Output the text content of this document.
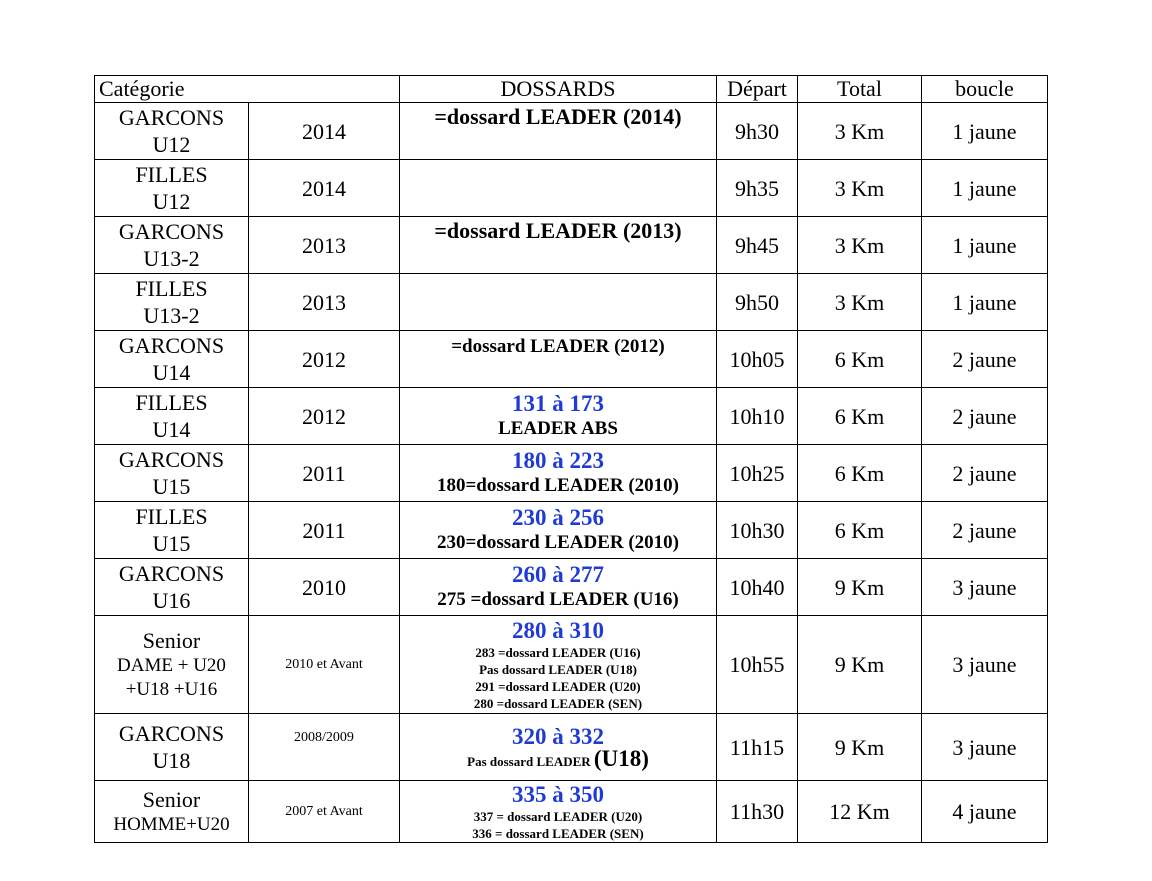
Catégorie		DOSSARDS	Départ	Total	boucle

GARCONS
U12	2014	=dossard LEADER (2014)	9h30	3 Km	1 jaune

FILLES
U12	2014		9h35	3 Km	1 jaune

GARCONS
U13-2	2013	=dossard LEADER (2013)	9h45	3 Km	1 jaune

FILLES
U13-2	2013		9h50	3 Km	1 jaune

GARCONS
U14	2012	=dossard LEADER (2012)	10h05	6 Km	2 jaune

FILLES
U14	2012	131 à 173
LEADER ABS	10h10	6 Km	2 jaune

GARCONS
U15	2011	180 à 223
180=dossard LEADER (2010)	10h25	6 Km	2 jaune

FILLES
U15	2011	230 à 256
230=dossard LEADER (2010)	10h30	6 Km	2 jaune

GARCONS
U16	2010	260 à 277
275 =dossard LEADER (U16)	10h40	9 Km	3 jaune

Senior
DAME + U20
+U18 +U16	2010 et Avant	280 à 310
283 =dossard LEADER (U16)
Pas dossard LEADER (U18)
291 =dossard LEADER (U20)
280 =dossard LEADER (SEN)	10h55	9 Km	3 jaune

GARCONS
U18	2008/2009	320 à 332
Pas dossard LEADER (U18)	11h15	9 Km	3 jaune

Senior
HOMME+U20	2007 et Avant	335 à 350
337 = dossard LEADER (U20)
336 = dossard LEADER (SEN)	11h30	12 Km	4 jaune
